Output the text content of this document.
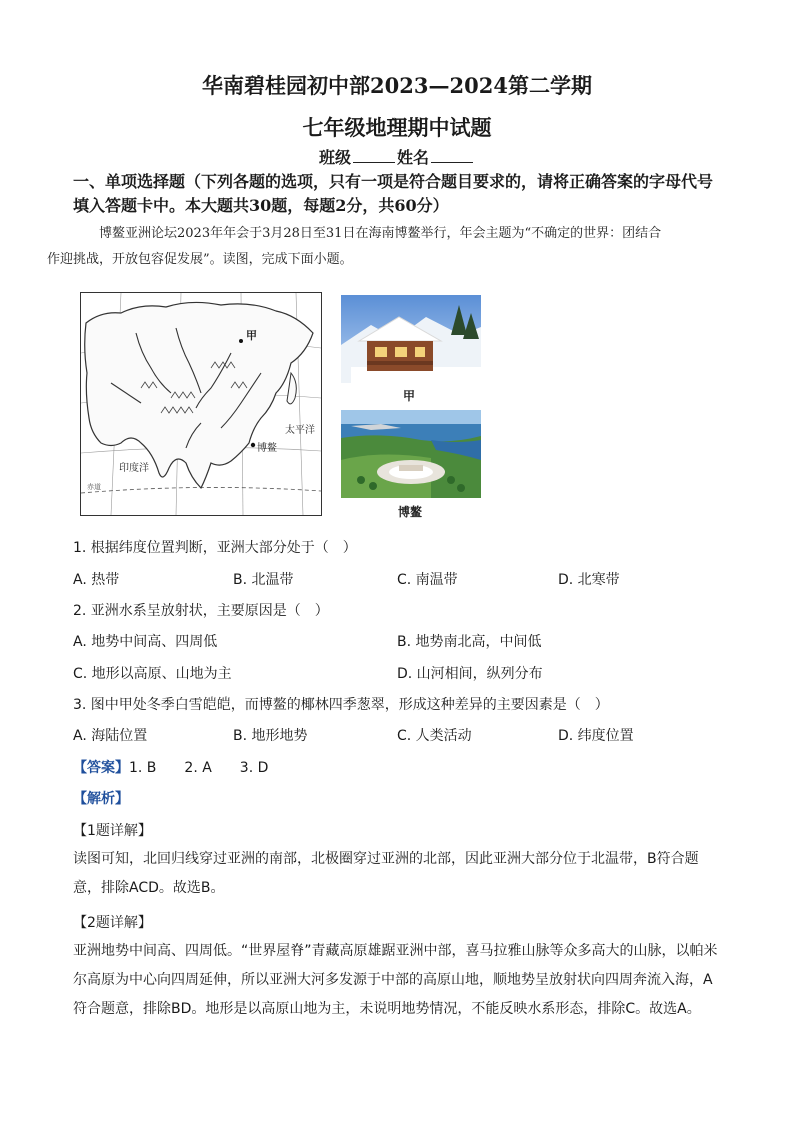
华南碧桂园初中部2023—2024第二学期
七年级地理期中试题
班级	姓名
一、单项选择题（下列各题的选项，只有一项是符合题目要求的，请将正确答案的字母代号
填入答题卡中。本大题共30题，每题2分，共60分）
博鳌亚洲论坛2023年年会于3月28日至31日在海南博鳌举行，年会主题为“不确定的世界：团结合
作迎挑战，开放包容促发展”。读图，完成下面小题。
甲
太平洋
博鳌
印度洋
赤道
甲
博鳌
1. 根据纬度位置判断，亚洲大部分处于（　）
A. 热带	B. 北温带	C. 南温带	D. 北寒带
2. 亚洲水系呈放射状，主要原因是（　）
A. 地势中间高、四周低	B. 地势南北高，中间低
C. 地形以高原、山地为主	D. 山河相间，纵列分布
3. 图中甲处冬季白雪皑皑，而博鳌的椰林四季葱翠，形成这种差异的主要因素是（　）
A. 海陆位置	B. 地形地势	C. 人类活动	D. 纬度位置
【答案】1. B　　2. A　　3. D
【解析】
【1题详解】
读图可知，北回归线穿过亚洲的南部，北极圈穿过亚洲的北部，因此亚洲大部分位于北温带，B符合题
意，排除ACD。故选B。
【2题详解】
亚洲地势中间高、四周低。“世界屋脊”青藏高原雄踞亚洲中部，喜马拉雅山脉等众多高大的山脉，以帕米
尔高原为中心向四周延伸，所以亚洲大河多发源于中部的高原山地，顺地势呈放射状向四周奔流入海，A
符合题意，排除BD。地形是以高原山地为主，未说明地势情况，不能反映水系形态，排除C。故选A。
